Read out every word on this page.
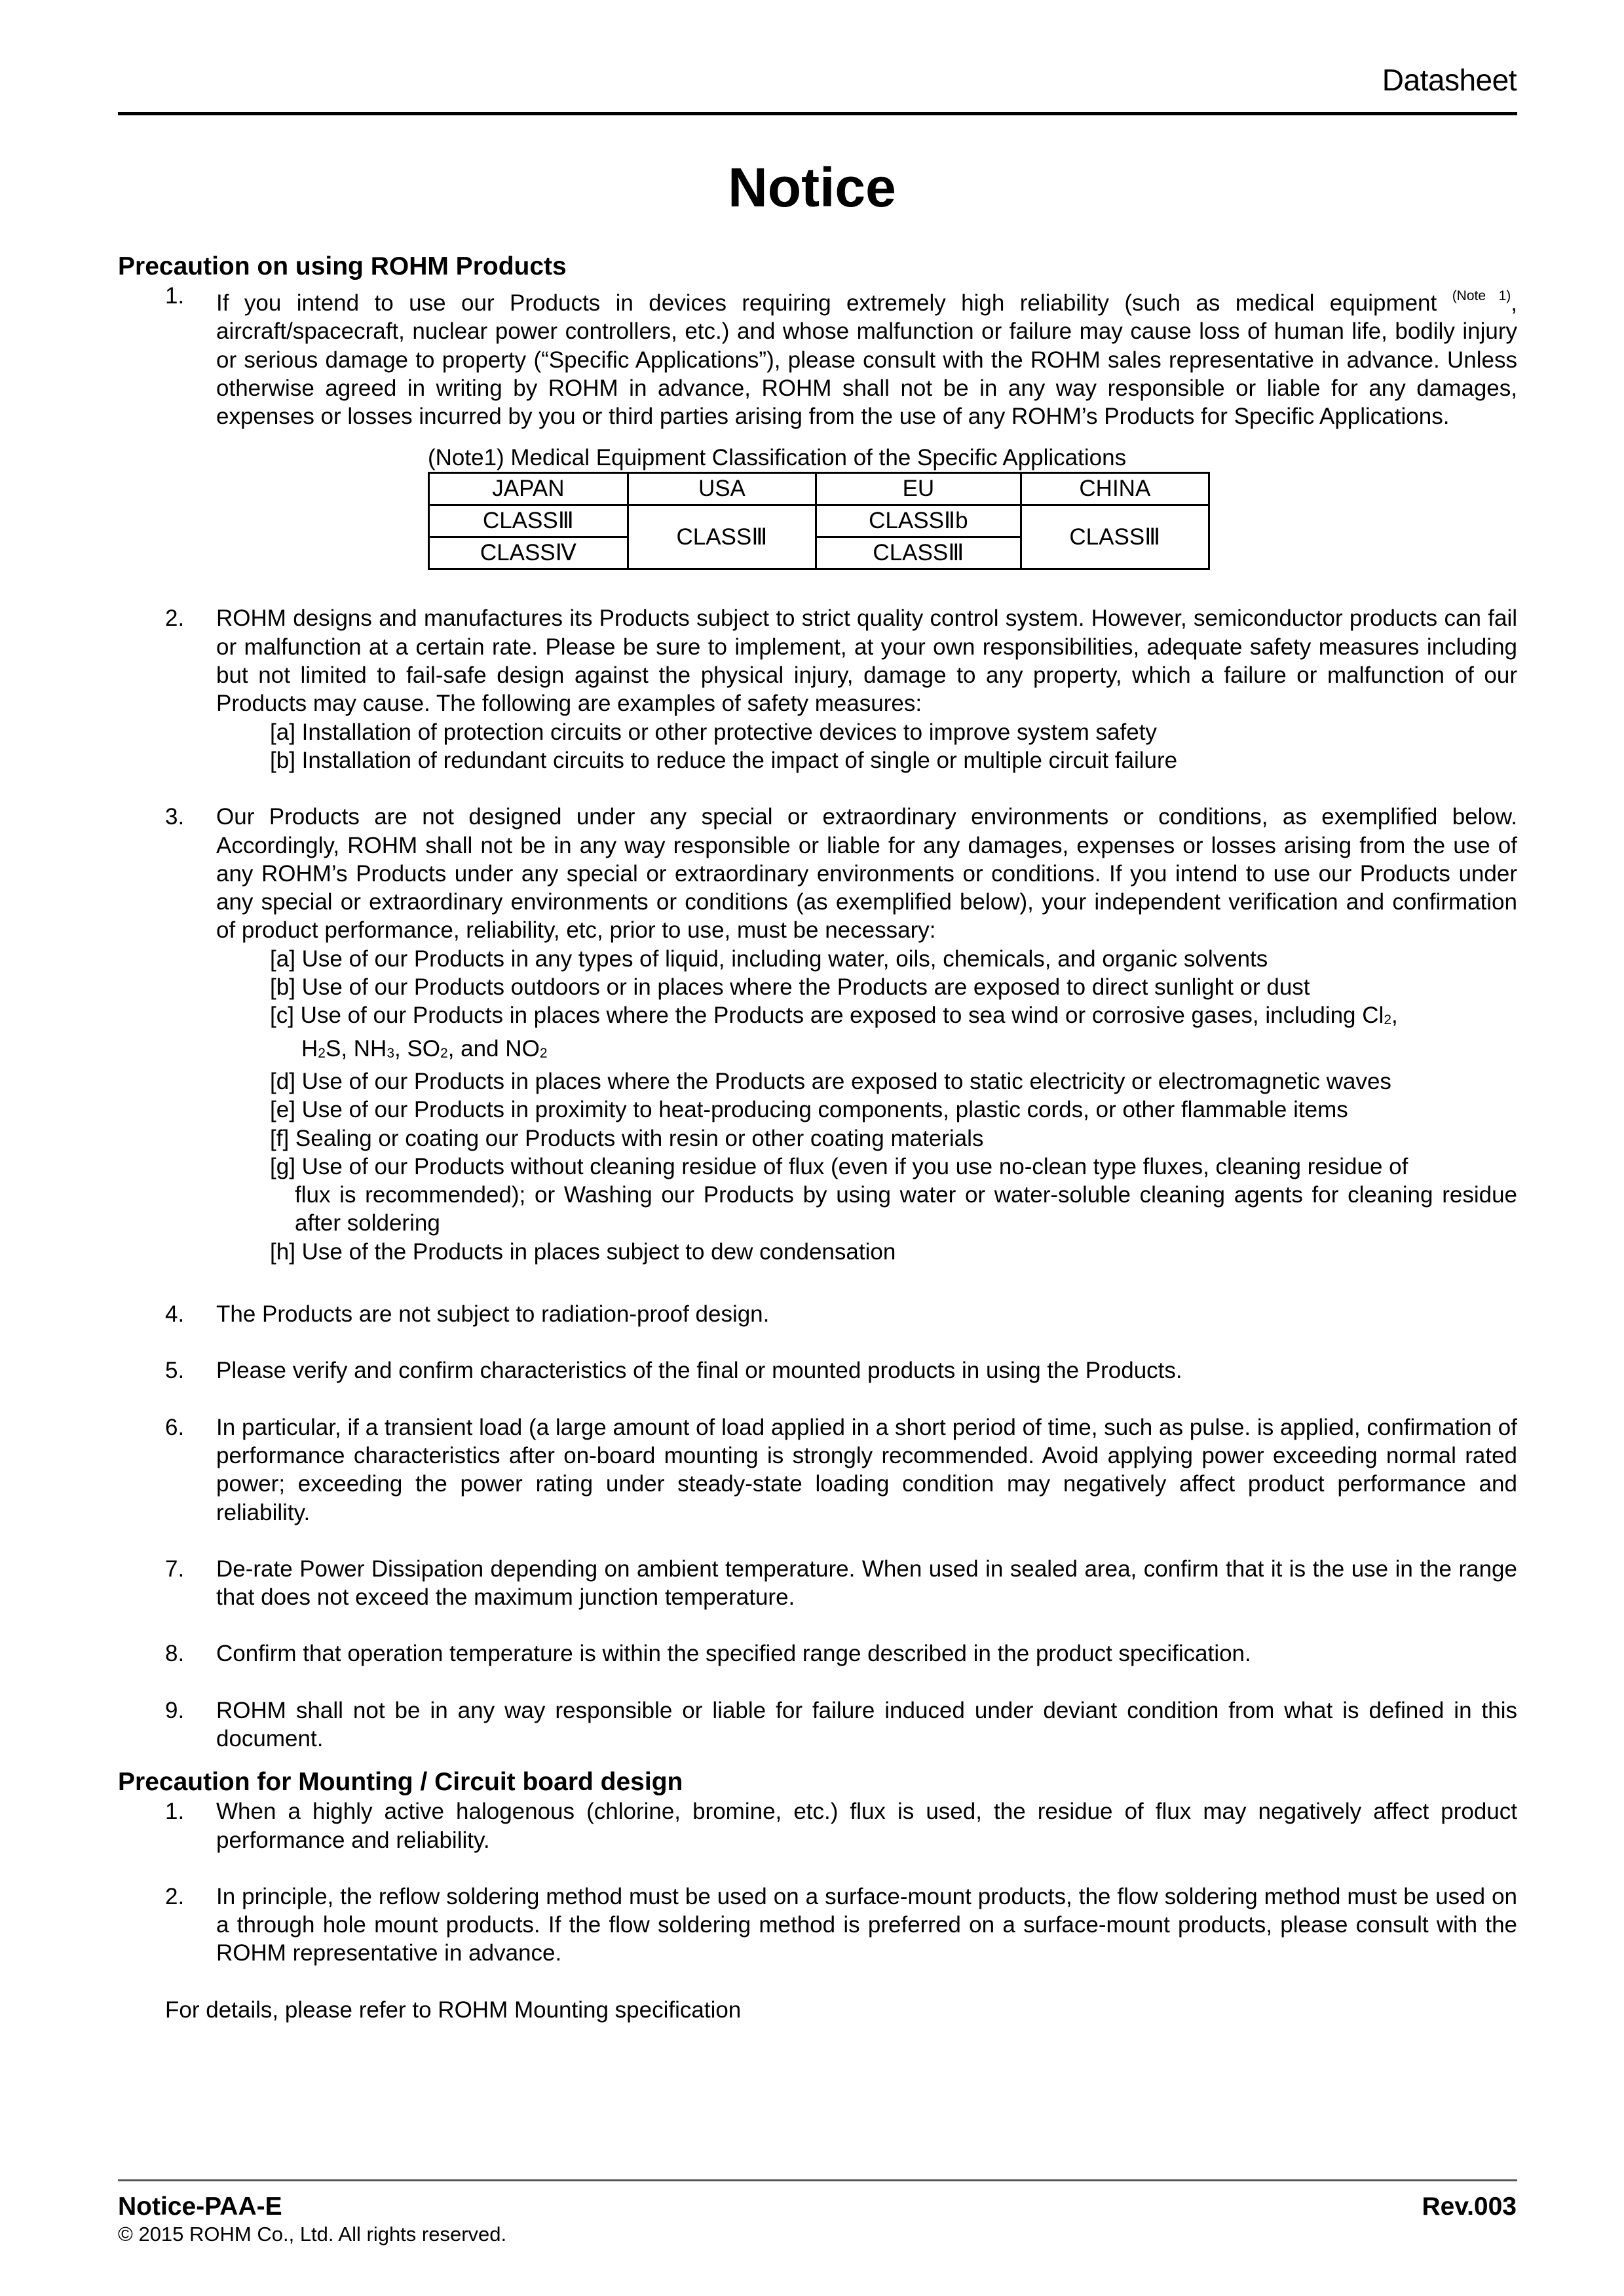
Datasheet
Notice
Precaution on using ROHM Products
1.	If you intend to use our Products in devices requiring extremely high reliability (such as medical equipment $^{(Note 1)}$, aircraft/spacecraft, nuclear power controllers, etc.) and whose malfunction or failure may cause loss of human life, bodily injury or serious damage to property (“Specific Applications”), please consult with the ROHM sales representative in advance. Unless otherwise agreed in writing by ROHM in advance, ROHM shall not be in any way responsible or liable for any damages, expenses or losses incurred by you or third parties arising from the use of any ROHM’s Products for Specific Applications.
(Note1) Medical Equipment Classification of the Specific Applications
JAPAN	USA	EU	CHINA
CLASSⅢ	CLASSⅢ	CLASSⅡb	CLASSⅢ
CLASSⅣ		CLASSⅢ	
2.	ROHM designs and manufactures its Products subject to strict quality control system. However, semiconductor products can fail or malfunction at a certain rate. Please be sure to implement, at your own responsibilities, adequate safety measures including but not limited to fail-safe design against the physical injury, damage to any property, which a failure or malfunction of our Products may cause. The following are examples of safety measures:
[a] Installation of protection circuits or other protective devices to improve system safety
[b] Installation of redundant circuits to reduce the impact of single or multiple circuit failure
3.	Our Products are not designed under any special or extraordinary environments or conditions, as exemplified below. Accordingly, ROHM shall not be in any way responsible or liable for any damages, expenses or losses arising from the use of any ROHM’s Products under any special or extraordinary environments or conditions. If you intend to use our Products under any special or extraordinary environments or conditions (as exemplified below), your independent verification and confirmation of product performance, reliability, etc, prior to use, must be necessary:
[a] Use of our Products in any types of liquid, including water, oils, chemicals, and organic solvents
[b] Use of our Products outdoors or in places where the Products are exposed to direct sunlight or dust
[c] Use of our Products in places where the Products are exposed to sea wind or corrosive gases, including $Cl_2$,
$H_2S$, $NH_3$, $SO_2$, and $NO_2$
[d] Use of our Products in places where the Products are exposed to static electricity or electromagnetic waves
[e] Use of our Products in proximity to heat-producing components, plastic cords, or other flammable items
[f] Sealing or coating our Products with resin or other coating materials
[g] Use of our Products without cleaning residue of flux (even if you use no-clean type fluxes, cleaning residue of
flux is recommended); or Washing our Products by using water or water-soluble cleaning agents for cleaning residue after soldering
[h] Use of the Products in places subject to dew condensation
4.	The Products are not subject to radiation-proof design.
5.	Please verify and confirm characteristics of the final or mounted products in using the Products.
6.	In particular, if a transient load (a large amount of load applied in a short period of time, such as pulse. is applied, confirmation of performance characteristics after on-board mounting is strongly recommended. Avoid applying power exceeding normal rated power; exceeding the power rating under steady-state loading condition may negatively affect product performance and reliability.
7.	De-rate Power Dissipation depending on ambient temperature. When used in sealed area, confirm that it is the use in the range that does not exceed the maximum junction temperature.
8.	Confirm that operation temperature is within the specified range described in the product specification.
9.	ROHM shall not be in any way responsible or liable for failure induced under deviant condition from what is defined in this document.
Precaution for Mounting / Circuit board design
1.	When a highly active halogenous (chlorine, bromine, etc.) flux is used, the residue of flux may negatively affect product performance and reliability.
2.	In principle, the reflow soldering method must be used on a surface-mount products, the flow soldering method must be used on a through hole mount products. If the flow soldering method is preferred on a surface-mount products, please consult with the ROHM representative in advance.
For details, please refer to ROHM Mounting specification
Notice-PAA-E
© 2015 ROHM Co., Ltd. All rights reserved.
Rev.003
